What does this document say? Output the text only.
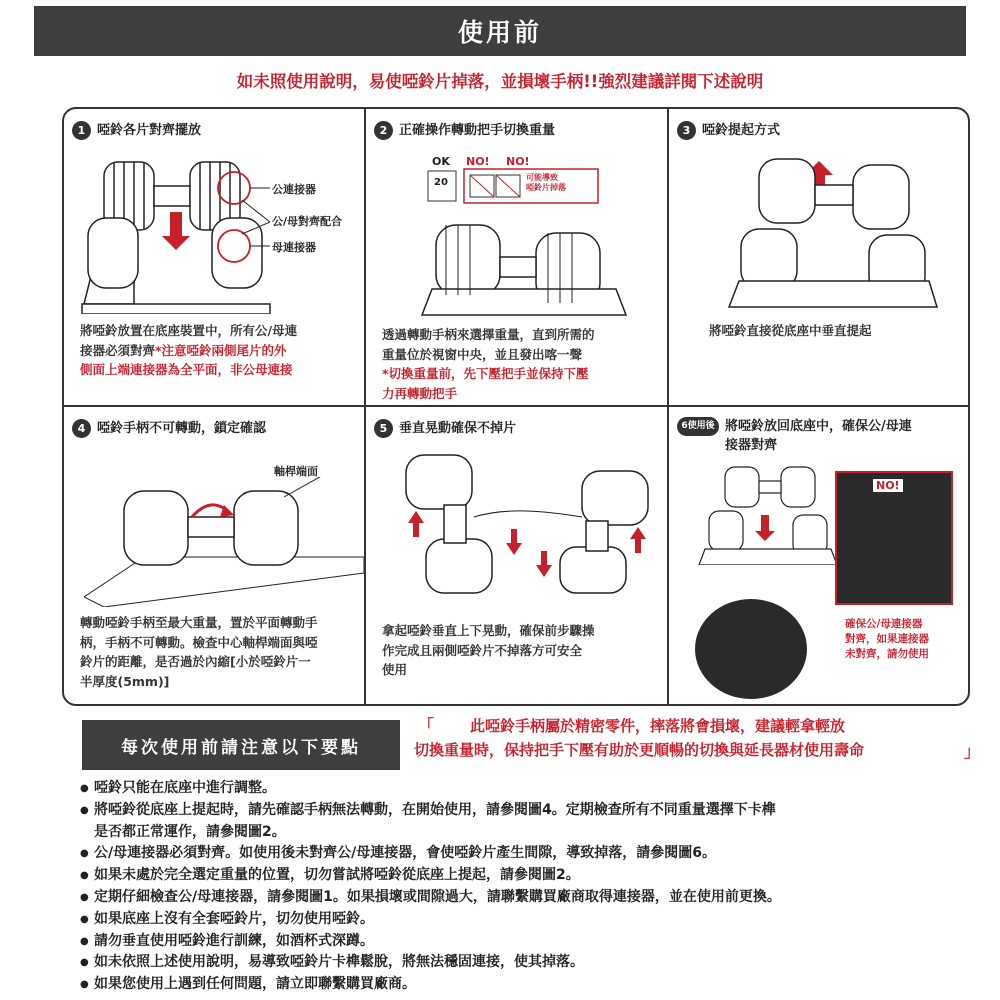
使用前
如未照使用說明，易使啞鈴片掉落，並損壞手柄!!強烈建議詳閱下述說明
1 啞鈴各片對齊擺放
公連接器
公/母對齊配合
母連接器
將啞鈴放置在底座裝置中，所有公/母連
接器必須對齊*注意啞鈴兩側尾片的外
側面上端連接器為全平面，非公母連接
2 正確操作轉動把手切換重量
OK NO! NO!
20	可能導致
啞鈴片掉落
透過轉動手柄來選擇重量，直到所需的
重量位於視窗中央，並且發出喀一聲
*切換重量前，先下壓把手並保持下壓
力再轉動把手
3 啞鈴提起方式
將啞鈴直接從底座中垂直提起
4 啞鈴手柄不可轉動，鎖定確認
軸桿端面
轉動啞鈴手柄至最大重量，置於平面轉動手
柄，手柄不可轉動。檢查中心軸桿端面與啞
鈴片的距離，是否過於內縮[小於啞鈴片一
半厚度(5mm)]
5 垂直晃動確保不掉片
拿起啞鈴垂直上下晃動，確保前步驟操
作完成且兩側啞鈴片不掉落方可安全
使用
6使用後 將啞鈴放回底座中，確保公/母連
接器對齊
NO!
確保公/母連接器
對齊，如果連接器
未對齊，請勿使用
每次使用前請注意以下要點
「	此啞鈴手柄屬於精密零件，摔落將會損壞，建議輕拿輕放
切換重量時，保持把手下壓有助於更順暢的切換與延長器材使用壽命	」
● 啞鈴只能在底座中進行調整。
● 將啞鈴從底座上提起時，請先確認手柄無法轉動，在開始使用，請參閱圖4。定期檢查所有不同重量選擇下卡榫
是否都正常運作，請參閱圖2。
● 公/母連接器必須對齊。如使用後未對齊公/母連接器，會使啞鈴片產生間隙，導致掉落，請參閱圖6。
● 如果未處於完全選定重量的位置，切勿嘗試將啞鈴從底座上提起，請參閱圖2。
● 定期仔細檢查公/母連接器，請參閱圖1。如果損壞或間隙過大，請聯繫購買廠商取得連接器，並在使用前更換。
● 如果底座上沒有全套啞鈴片，切勿使用啞鈴。
● 請勿垂直使用啞鈴進行訓練，如酒杯式深蹲。
● 如未依照上述使用說明，易導致啞鈴片卡榫鬆脫，將無法穩固連接，使其掉落。
● 如果您使用上遇到任何問題，請立即聯繫購買廠商。
